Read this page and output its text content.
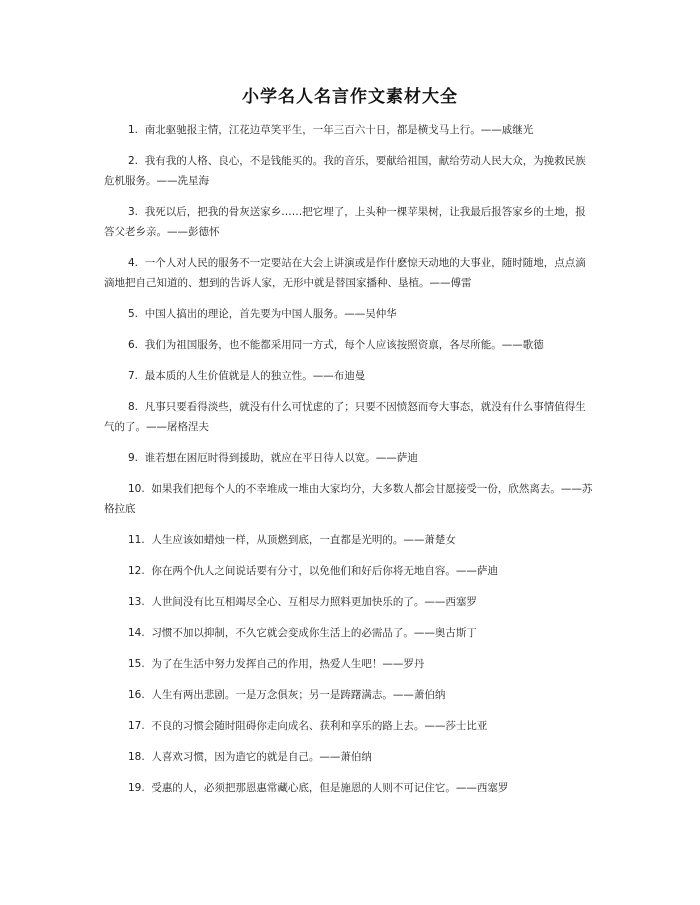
小学名人名言作文素材大全
1. 南北驱驰报主情，江花边草笑平生，一年三百六十日，都是横戈马上行。——戚继光
2. 我有我的人格、良心，不是钱能买的。我的音乐，要献给祖国，献给劳动人民大众，为挽救民族危机服务。——冼星海
3. 我死以后，把我的骨灰送家乡……把它埋了，上头种一棵苹果树，让我最后报答家乡的土地，报答父老乡亲。——彭德怀
4. 一个人对人民的服务不一定要站在大会上讲演或是作什麽惊天动地的大事业，随时随地，点点滴滴地把自己知道的、想到的告诉人家，无形中就是替国家播种、垦植。——傅雷
5. 中国人搞出的理论，首先要为中国人服务。——吴仲华
6. 我们为祖国服务，也不能都采用同一方式，每个人应该按照资禀，各尽所能。——歌德
7. 最本质的人生价值就是人的独立性。——布迪曼
8. 凡事只要看得淡些，就没有什么可忧虑的了；只要不因愤怒而夸大事态，就没有什么事情值得生气的了。——屠格涅夫
9. 谁若想在困厄时得到援助，就应在平日待人以宽。——萨迪
10. 如果我们把每个人的不幸堆成一堆由大家均分，大多数人都会甘愿接受一份，欣然离去。——苏格拉底
11. 人生应该如蜡烛一样，从顶燃到底，一直都是光明的。——萧楚女
12. 你在两个仇人之间说话要有分寸，以免他们和好后你将无地自容。——萨迪
13. 人世间没有比互相竭尽全心、互相尽力照料更加快乐的了。——西塞罗
14. 习惯不加以抑制，不久它就会变成你生活上的必需品了。——奥古斯丁
15. 为了在生活中努力发挥自己的作用，热爱人生吧！——罗丹
16. 人生有两出悲剧。一是万念俱灰；另一是踌躇满志。——萧伯纳
17. 不良的习惯会随时阻碍你走向成名、获利和享乐的路上去。——莎士比亚
18. 人喜欢习惯，因为造它的就是自己。——萧伯纳
19. 受惠的人，必须把那恩惠常藏心底，但是施恩的人则不可记住它。——西塞罗
